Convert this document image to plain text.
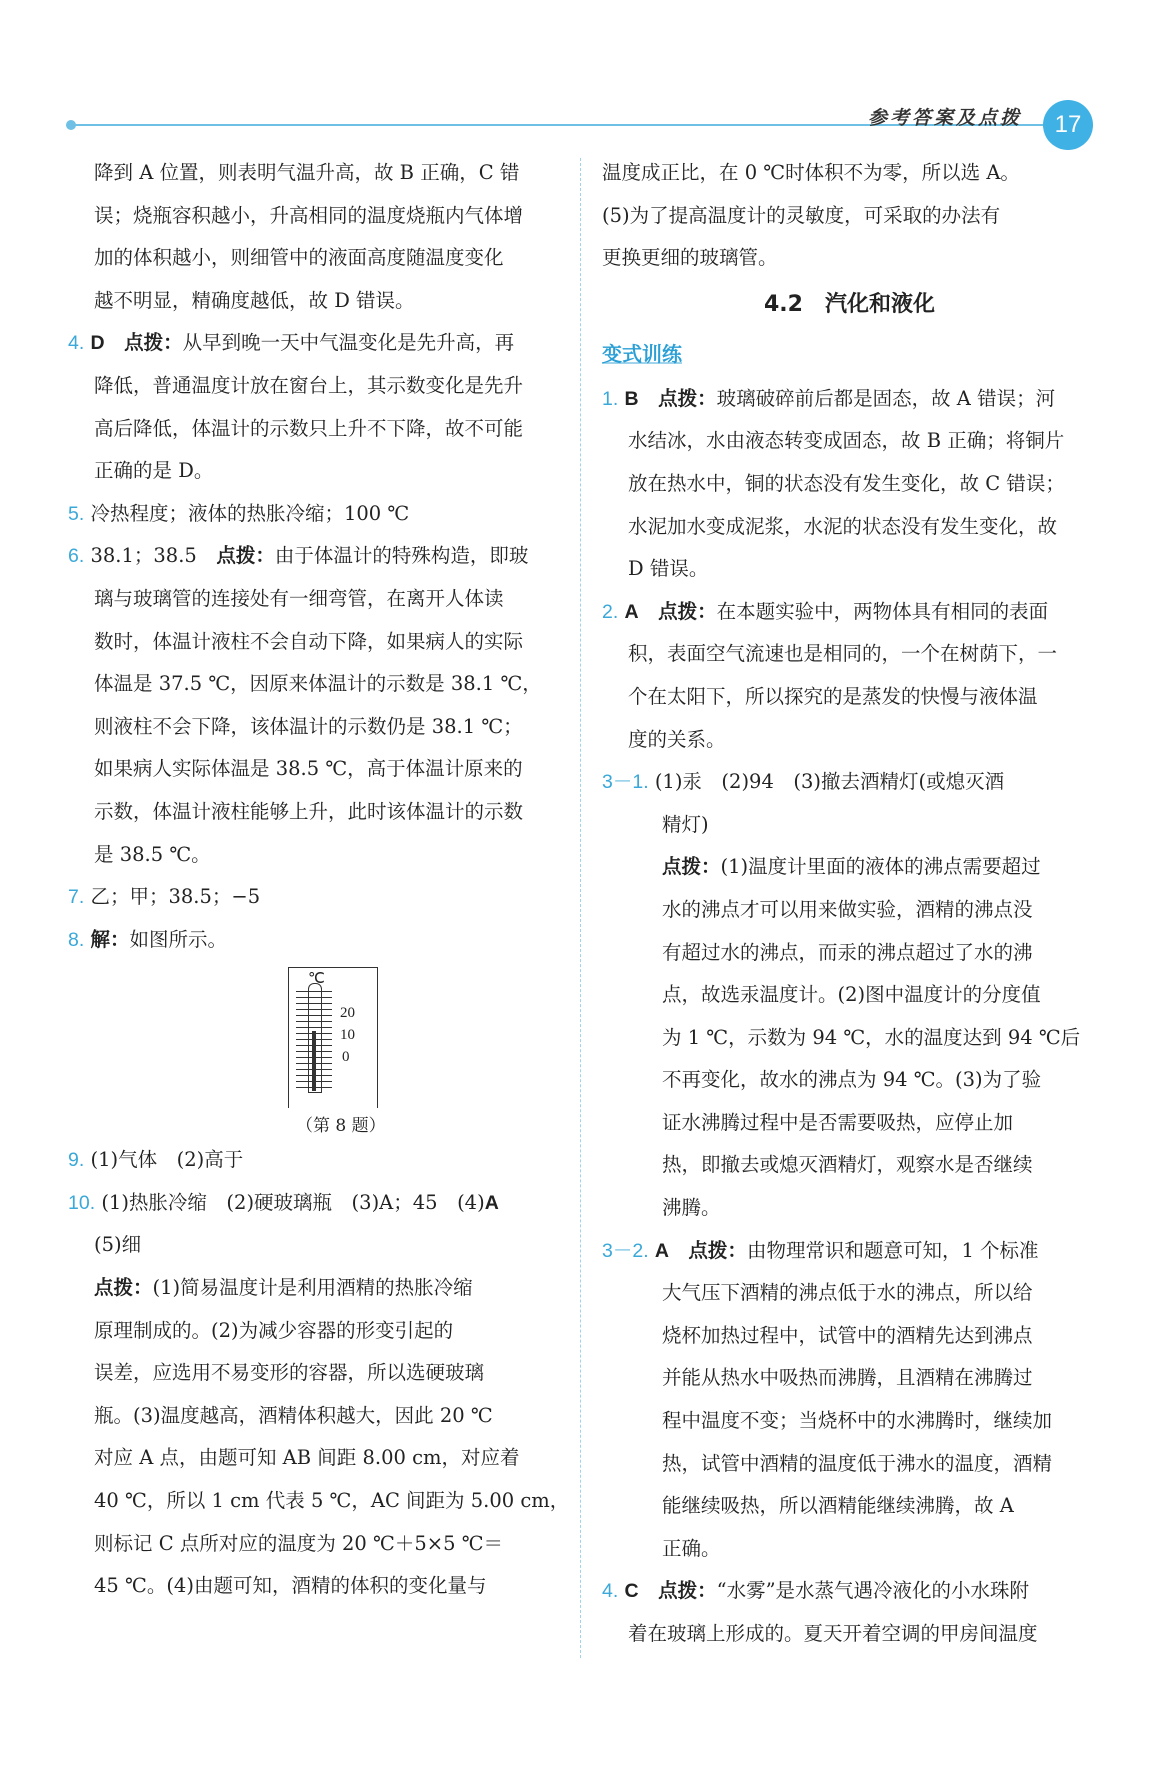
参考答案及点拨	17
降到 A 位置，则表明气温升高，故 B 正确，C 错
误；烧瓶容积越小，升高相同的温度烧瓶内气体增
加的体积越小，则细管中的液面高度随温度变化
越不明显，精确度越低，故 D 错误。
4. D　 点拨：从早到晚一天中气温变化是先升高，再
降低，普通温度计放在窗台上，其示数变化是先升
高后降低，体温计的示数只上升不下降，故不可能
正确的是 D。
5. 冷热程度；液体的热胀冷缩；100 ℃
6. 38.1；38.5　 点拨：由于体温计的特殊构造，即玻
璃与玻璃管的连接处有一细弯管，在离开人体读
数时，体温计液柱不会自动下降，如果病人的实际
体温是 37.5 ℃，因原来体温计的示数是 38.1 ℃，
则液柱不会下降，该体温计的示数仍是 38.1 ℃；
如果病人实际体温是 38.5 ℃，高于体温计原来的
示数，体温计液柱能够上升，此时该体温计的示数
是 38.5 ℃。
7. 乙；甲；38.5；−5
8. 解：如图所示。
℃
20
10
0
（第 8 题）
9. (1)气体　(2)高于
10. (1)热胀冷缩　(2)硬玻璃瓶　(3)A；45　(4)A
(5)细
点拨：(1)简易温度计是利用酒精的热胀冷缩
原理制成的。(2)为减少容器的形变引起的
误差，应选用不易变形的容器，所以选硬玻璃
瓶。(3)温度越高，酒精体积越大，因此 20 ℃
对应 A 点，由题可知 AB 间距 8.00 cm，对应着
40 ℃，所以 1 cm 代表 5 ℃，AC 间距为 5.00 cm，
则标记 C 点所对应的温度为 20 ℃＋5×5 ℃＝
45 ℃。(4)由题可知，酒精的体积的变化量与
温度成正比，在 0 ℃时体积不为零，所以选 A。
(5)为了提高温度计的灵敏度，可采取的办法有
更换更细的玻璃管。
4.2　汽化和液化
变式训练
1. B　 点拨：玻璃破碎前后都是固态，故 A 错误；河
水结冰，水由液态转变成固态，故 B 正确；将铜片
放在热水中，铜的状态没有发生变化，故 C 错误；
水泥加水变成泥浆，水泥的状态没有发生变化，故
D 错误。
2. A　 点拨：在本题实验中，两物体具有相同的表面
积，表面空气流速也是相同的，一个在树荫下，一
个在太阳下，所以探究的是蒸发的快慢与液体温
度的关系。
3－1. (1)汞　(2)94　(3)撤去酒精灯(或熄灭酒
精灯)
点拨：(1)温度计里面的液体的沸点需要超过
水的沸点才可以用来做实验，酒精的沸点没
有超过水的沸点，而汞的沸点超过了水的沸
点，故选汞温度计。(2)图中温度计的分度值
为 1 ℃，示数为 94 ℃，水的温度达到 94 ℃后
不再变化，故水的沸点为 94 ℃。(3)为了验
证水沸腾过程中是否需要吸热，应停止加
热，即撤去或熄灭酒精灯，观察水是否继续
沸腾。
3－2. A　 点拨：由物理常识和题意可知，1 个标准
大气压下酒精的沸点低于水的沸点，所以给
烧杯加热过程中，试管中的酒精先达到沸点
并能从热水中吸热而沸腾，且酒精在沸腾过
程中温度不变；当烧杯中的水沸腾时，继续加
热，试管中酒精的温度低于沸水的温度，酒精
能继续吸热，所以酒精能继续沸腾，故 A
正确。
4. C　 点拨：“水雾”是水蒸气遇冷液化的小水珠附
着在玻璃上形成的。夏天开着空调的甲房间温度
